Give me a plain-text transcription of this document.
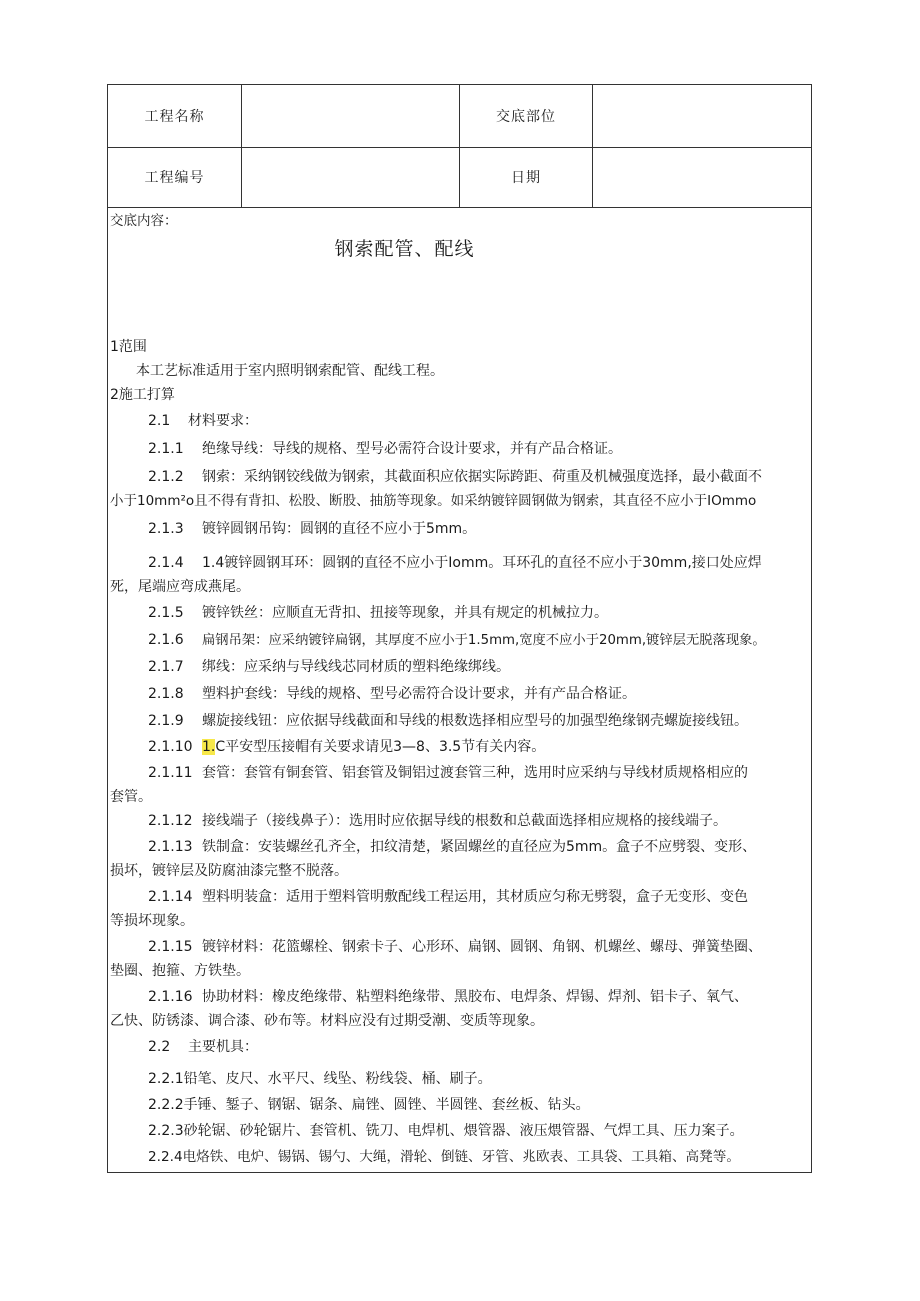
工程名称	交底部位
工程编号	日期
交底内容：
钢索配管、配线
1范围
本工艺标准适用于室内照明钢索配管、配线工程。
2施工打算
2.1 材料要求：
2.1.1 绝缘导线：导线的规格、型号必需符合设计要求，并有产品合格证。
2.1.2 钢索：采纳钢铰线做为钢索，其截面积应依据实际跨距、荷重及机械强度选择，最小截面不
小于10mm²o且不得有背扣、松股、断股、抽筋等现象。如采纳镀锌圆钢做为钢索，其直径不应小于IOmmo
2.1.3 镀锌圆钢吊钩：圆钢的直径不应小于5mm。
2.1.4 1.4镀锌圆钢耳环：圆钢的直径不应小于Iomm。耳环孔的直径不应小于30mm,接口处应焊
死，尾端应弯成燕尾。
2.1.5 镀锌铁丝：应顺直无背扣、扭接等现象，并具有规定的机械拉力。
2.1.6 扁钢吊架：应采纳镀锌扁钢，其厚度不应小于1.5mm,宽度不应小于20mm,镀锌层无脱落现象。
2.1.7 绑线：应采纳与导线线芯同材质的塑料绝缘绑线。
2.1.8 塑料护套线：导线的规格、型号必需符合设计要求，并有产品合格证。
2.1.9 螺旋接线钮：应依据导线截面和导线的根数选择相应型号的加强型绝缘钢壳螺旋接线钮。
2.1.10 1.C平安型压接帽有关要求请见3—8、3.5节有关内容。
2.1.11 套管：套管有铜套管、铝套管及铜铝过渡套管三种，选用时应采纳与导线材质规格相应的
套管。
2.1.12 接线端子（接线鼻子）：选用时应依据导线的根数和总截面选择相应规格的接线端子。
2.1.13 铁制盒：安装螺丝孔齐全，扣纹清楚，紧固螺丝的直径应为5mm。盒子不应劈裂、变形、
损坏，镀锌层及防腐油漆完整不脱落。
2.1.14 塑料明装盒：适用于塑料管明敷配线工程运用，其材质应匀称无劈裂，盒子无变形、变色
等损坏现象。
2.1.15 镀锌材料：花篮螺栓、钢索卡子、心形环、扁钢、圆钢、角钢、机螺丝、螺母、弹簧垫圈、
垫圈、抱箍、方铁垫。
2.1.16 协助材料：橡皮绝缘带、粘塑料绝缘带、黑胶布、电焊条、焊锡、焊剂、铝卡子、氧气、
乙快、防锈漆、调合漆、砂布等。材料应没有过期受潮、变质等现象。
2.2 主要机具：
2.2.1铅笔、皮尺、水平尺、线坠、粉线袋、桶、刷子。
2.2.2手锤、錾子、钢锯、锯条、扁锉、圆锉、半圆锉、套丝板、钻头。
2.2.3砂轮锯、砂轮锯片、套管机、铣刀、电焊机、煨管器、液压煨管器、气焊工具、压力案子。
2.2.4电烙铁、电炉、锡锅、锡勺、大绳，滑轮、倒链、牙管、兆欧表、工具袋、工具箱、高凳等。
